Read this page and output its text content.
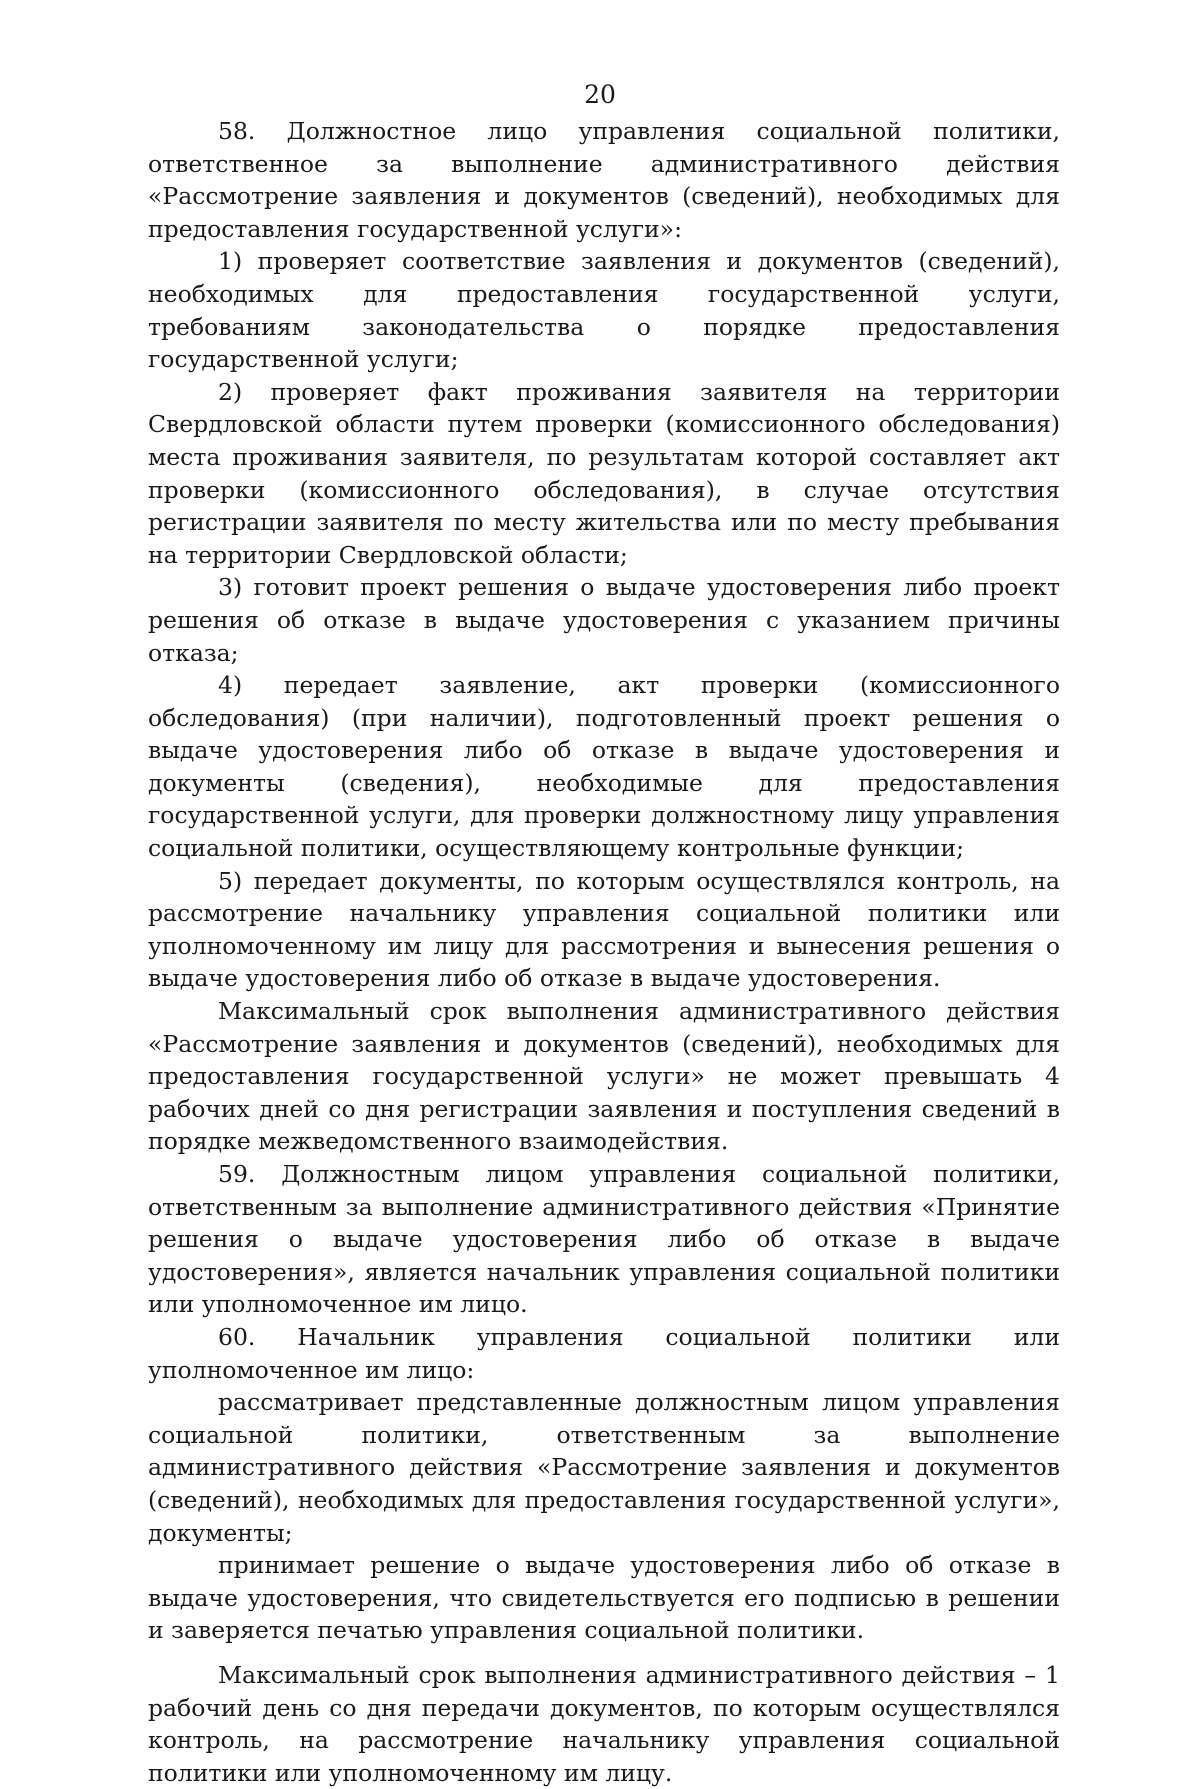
20

58. Должностное лицо управления социальной политики, ответственное за выполнение административного действия «Рассмотрение заявления и документов (сведений), необходимых для предоставления государственной услуги»:

1) проверяет соответствие заявления и документов (сведений), необходимых для предоставления государственной услуги, требованиям законодательства о порядке предоставления государственной услуги;

2) проверяет факт проживания заявителя на территории Свердловской области путем проверки (комиссионного обследования) места проживания заявителя, по результатам которой составляет акт проверки (комиссионного обследования), в случае отсутствия регистрации заявителя по месту жительства или по месту пребывания на территории Свердловской области;

3) готовит проект решения о выдаче удостоверения либо проект решения об отказе в выдаче удостоверения с указанием причины отказа;

4) передает заявление, акт проверки (комиссионного обследования) (при наличии), подготовленный проект решения о выдаче удостоверения либо об отказе в выдаче удостоверения и документы (сведения), необходимые для предоставления государственной услуги, для проверки должностному лицу управления социальной политики, осуществляющему контрольные функции;

5) передает документы, по которым осуществлялся контроль, на рассмотрение начальнику управления социальной политики или уполномоченному им лицу для рассмотрения и вынесения решения о выдаче удостоверения либо об отказе в выдаче удостоверения.

Максимальный срок выполнения административного действия «Рассмотрение заявления и документов (сведений), необходимых для предоставления государственной услуги» не может превышать 4 рабочих дней со дня регистрации заявления и поступления сведений в порядке межведомственного взаимодействия.

59. Должностным лицом управления социальной политики, ответственным за выполнение административного действия «Принятие решения о выдаче удостоверения либо об отказе в выдаче удостоверения», является начальник управления социальной политики или уполномоченное им лицо.

60. Начальник управления социальной политики или уполномоченное им лицо:

рассматривает представленные должностным лицом управления социальной политики, ответственным за выполнение административного действия «Рассмотрение заявления и документов (сведений), необходимых для предоставления государственной услуги», документы;

принимает решение о выдаче удостоверения либо об отказе в выдаче удостоверения, что свидетельствуется его подписью в решении и заверяется печатью управления социальной политики.

Максимальный срок выполнения административного действия – 1 рабочий день со дня передачи документов, по которым осуществлялся контроль, на рассмотрение начальнику управления социальной политики или уполномоченному им лицу.
